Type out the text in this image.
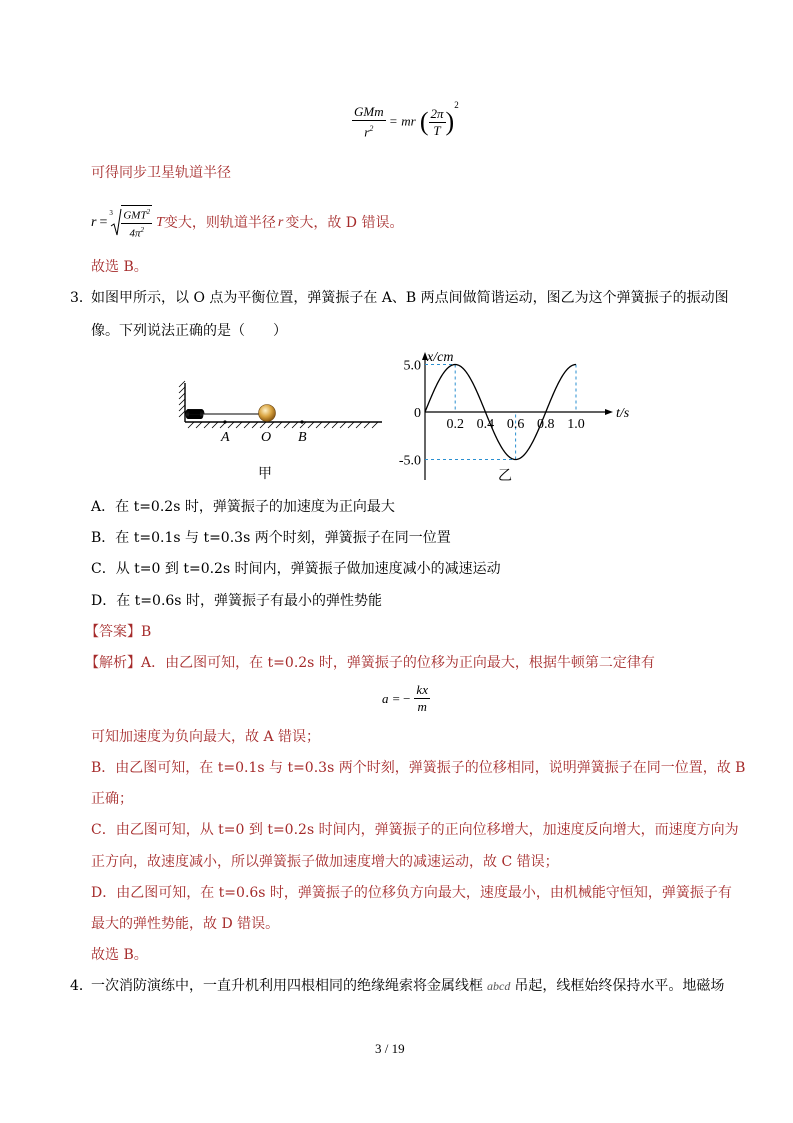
$\frac{\text{GMm}}{r^2}$ = mr ( $\frac{2\pi}{T} )^2$
可得同步卫星轨道半径
r =
$3 \frac{GMT^2}{4\pi^2}$ T 变大，则轨道半径 r 变大，故 D 错误。
故选 B。
3．
如图甲所示，以 O 点为平衡位置，弹簧振子在 A、B 两点间做简谐运动，图乙为这个弹簧振子的振动图
像。下列说法正确的是（　　）
A O B
甲
x/cm
t/s
5.0
0
-5.0
0.2 0.4 0.6 0.8 1.0
乙
A．在 t=0.2s 时，弹簧振子的加速度为正向最大
B．在 t=0.1s 与 t=0.3s 两个时刻，弹簧振子在同一位置
C．从 t=0 到 t=0.2s 时间内，弹簧振子做加速度减小的减速运动
D．在 t=0.6s 时，弹簧振子有最小的弹性势能
【答案】B
【解析】A．由乙图可知，在 t=0.2s 时，弹簧振子的位移为正向最大，根据牛顿第二定律有
a = − $\frac{kx}{m}$
可知加速度为负向最大，故 A 错误；
B．由乙图可知，在 t=0.1s 与 t=0.3s 两个时刻，弹簧振子的位移相同，说明弹簧振子在同一位置，故 B
正确；
C．由乙图可知，从 t=0 到 t=0.2s 时间内，弹簧振子的正向位移增大，加速度反向增大，而速度方向为
正方向，故速度减小，所以弹簧振子做加速度增大的减速运动，故 C 错误；
D．由乙图可知，在 t=0.6s 时，弹簧振子的位移负方向最大，速度最小，由机械能守恒知，弹簧振子有
最大的弹性势能，故 D 错误。
故选 B。
4．
一次消防演练中，一直升机利用四根相同的绝缘绳索将金属线框 abcd 吊起，线框始终保持水平。地磁场
3 / 19
